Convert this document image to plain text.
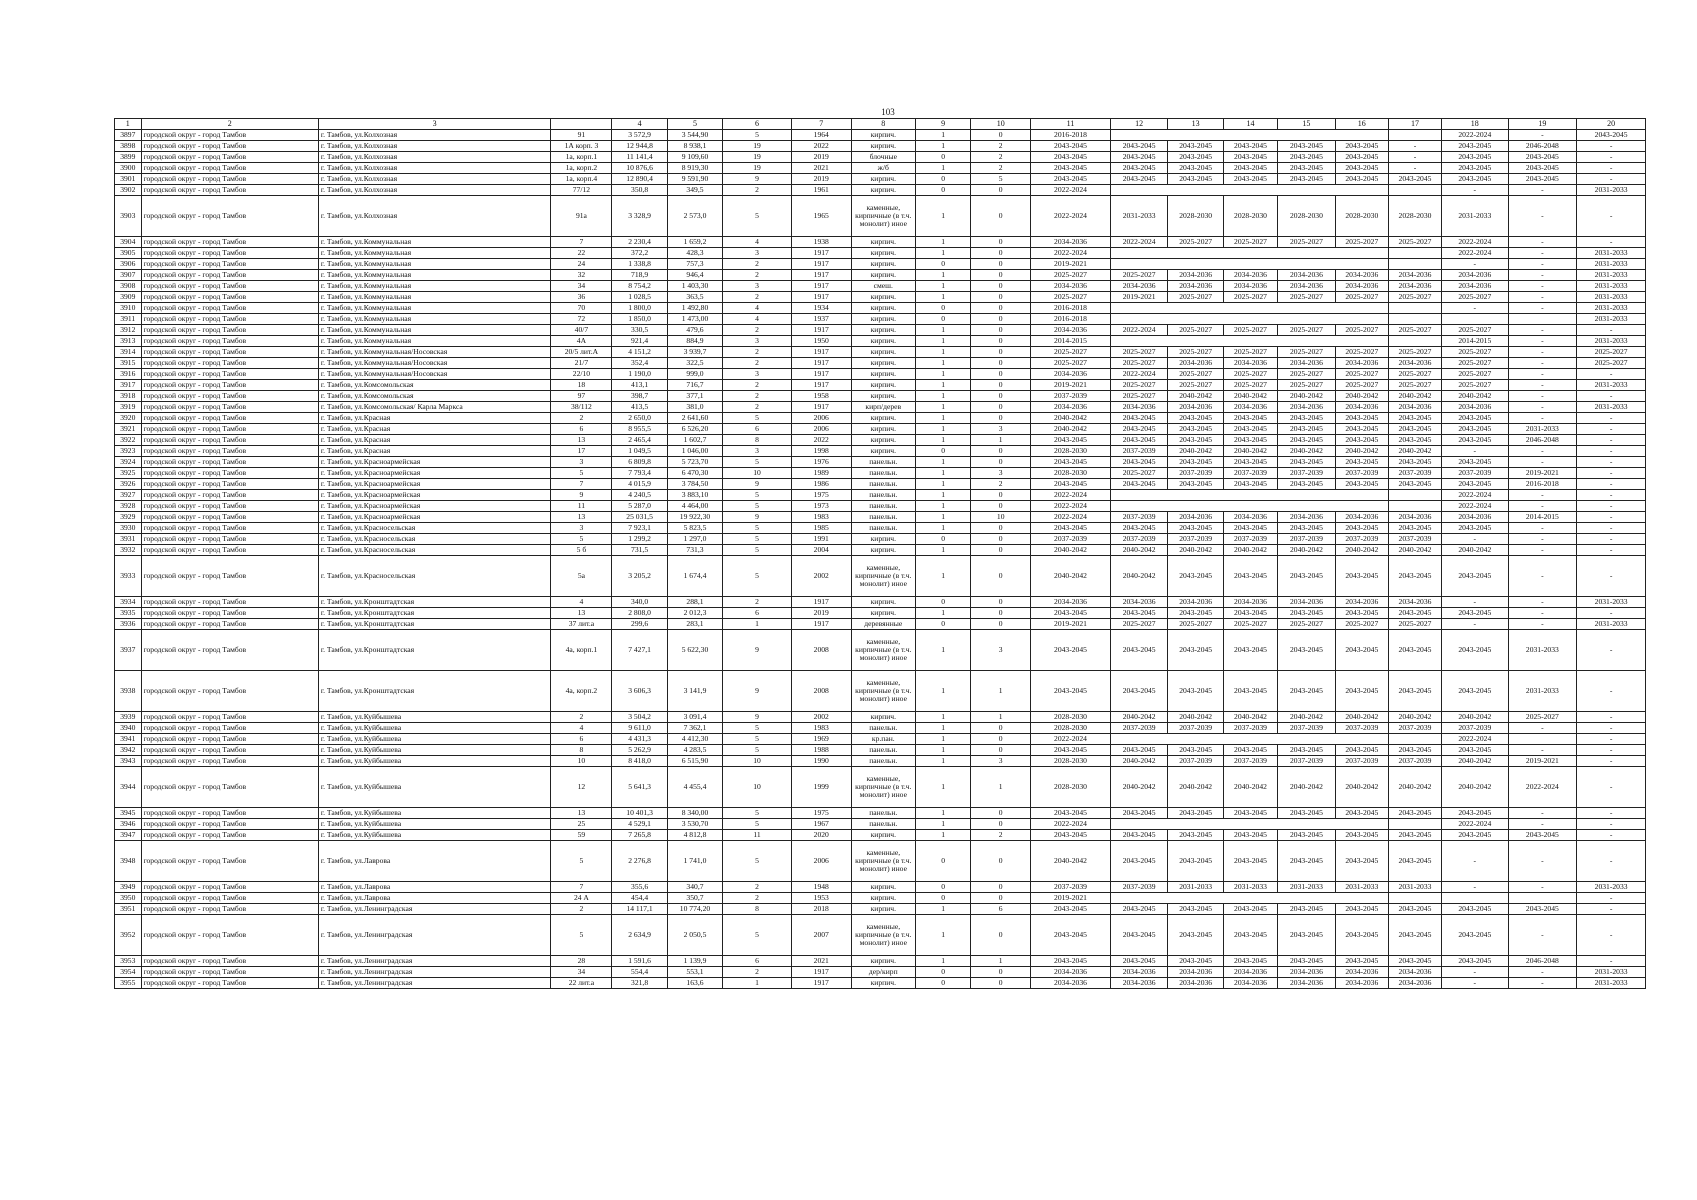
103
1	2	3		4	5	6	7	8	9	10	11	12	13	14	15	16	17	18	19	20
3897	городской округ - город Тамбов	г. Тамбов, ул.Колхозная	91	3 572,9	3 544,90	5	1964	кирпич.	1	0	2016-2018							2022-2024	-	2043-2045
3898	городской округ - город Тамбов	г. Тамбов, ул.Колхозная	1А корп. 3	12 944,8	8 938,1	19	2022	кирпич.	1	2	2043-2045	2043-2045	2043-2045	2043-2045	2043-2045	2043-2045	-	2043-2045	2046-2048	-
3899	городской округ - город Тамбов	г. Тамбов, ул.Колхозная	1а, корп.1	11 141,4	9 109,60	19	2019	блочные	0	2	2043-2045	2043-2045	2043-2045	2043-2045	2043-2045	2043-2045	-	2043-2045	2043-2045	-
3900	городской округ - город Тамбов	г. Тамбов, ул.Колхозная	1а, корп.2	10 876,6	8 919,30	19	2021	ж/б	1	2	2043-2045	2043-2045	2043-2045	2043-2045	2043-2045	2043-2045	-	2043-2045	2043-2045	-
3901	городской округ - город Тамбов	г. Тамбов, ул.Колхозная	1а, корп.4	12 890,4	9 591,90	9	2019	кирпич.	0	5	2043-2045	2043-2045	2043-2045	2043-2045	2043-2045	2043-2045	2043-2045	2043-2045	2043-2045	-
3902	городской округ - город Тамбов	г. Тамбов, ул.Колхозная	77/12	350,8	349,5	2	1961	кирпич.	0	0	2022-2024							-	-	2031-2033
3903	городской округ - город Тамбов	г. Тамбов, ул.Колхозная	91а	3 328,9	2 573,0	5	1965	каменные, кирпичные (в т.ч. монолит) иное	1	0	2022-2024	2031-2033	2028-2030	2028-2030	2028-2030	2028-2030	2028-2030	2031-2033	-	-
3904	городской округ - город Тамбов	г. Тамбов, ул.Коммунальная	7	2 230,4	1 659,2	4	1938	кирпич.	1	0	2034-2036	2022-2024	2025-2027	2025-2027	2025-2027	2025-2027	2025-2027	2022-2024	-	-
3905	городской округ - город Тамбов	г. Тамбов, ул.Коммунальная	22	372,2	428,3	3	1917	кирпич.	1	0	2022-2024							2022-2024	-	2031-2033
3906	городской округ - город Тамбов	г. Тамбов, ул.Коммунальная	24	1 338,8	757,3	2	1917	кирпич.	0	0	2019-2021							-	-	2031-2033
3907	городской округ - город Тамбов	г. Тамбов, ул.Коммунальная	32	718,9	946,4	2	1917	кирпич.	1	0	2025-2027	2025-2027	2034-2036	2034-2036	2034-2036	2034-2036	2034-2036	2034-2036	-	2031-2033
3908	городской округ - город Тамбов	г. Тамбов, ул.Коммунальная	34	8 754,2	1 403,30	3	1917	смеш.	1	0	2034-2036	2034-2036	2034-2036	2034-2036	2034-2036	2034-2036	2034-2036	2034-2036	-	2031-2033
3909	городской округ - город Тамбов	г. Тамбов, ул.Коммунальная	36	1 028,5	363,5	2	1917	кирпич.	1	0	2025-2027	2019-2021	2025-2027	2025-2027	2025-2027	2025-2027	2025-2027	2025-2027	-	2031-2033
3910	городской округ - город Тамбов	г. Тамбов, ул.Коммунальная	70	1 800,0	1 492,80	4	1934	кирпич.	0	0	2016-2018							-	-	2031-2033
3911	городской округ - город Тамбов	г. Тамбов, ул.Коммунальная	72	1 850,0	1 473,00	4	1937	кирпич.	0	0	2016-2018									2031-2033
3912	городской округ - город Тамбов	г. Тамбов, ул.Коммунальная	40/7	330,5	479,6	2	1917	кирпич.	1	0	2034-2036	2022-2024	2025-2027	2025-2027	2025-2027	2025-2027	2025-2027	2025-2027	-	-
3913	городской округ - город Тамбов	г. Тамбов, ул.Коммунальная	4А	921,4	884,9	3	1950	кирпич.	1	0	2014-2015							2014-2015	-	2031-2033
3914	городской округ - город Тамбов	г. Тамбов, ул.Коммунальная/Носовская	20/5 лит.А	4 151,2	3 939,7	2	1917	кирпич.	1	0	2025-2027	2025-2027	2025-2027	2025-2027	2025-2027	2025-2027	2025-2027	2025-2027	-	2025-2027
3915	городской округ - город Тамбов	г. Тамбов, ул.Коммунальная/Носовская	21/7	352,4	322,5	2	1917	кирпич.	1	0	2025-2027	2025-2027	2034-2036	2034-2036	2034-2036	2034-2036	2034-2036	2025-2027	-	2025-2027
3916	городской округ - город Тамбов	г. Тамбов, ул.Коммунальная/Носовская	22/10	1 190,0	999,0	3	1917	кирпич.	1	0	2034-2036	2022-2024	2025-2027	2025-2027	2025-2027	2025-2027	2025-2027	2025-2027	-	-
3917	городской округ - город Тамбов	г. Тамбов, ул.Комсомольская	18	413,1	716,7	2	1917	кирпич.	1	0	2019-2021	2025-2027	2025-2027	2025-2027	2025-2027	2025-2027	2025-2027	2025-2027	-	2031-2033
3918	городской округ - город Тамбов	г. Тамбов, ул.Комсомольская	97	398,7	377,1	2	1958	кирпич.	1	0	2037-2039	2025-2027	2040-2042	2040-2042	2040-2042	2040-2042	2040-2042	2040-2042	-	-
3919	городской округ - город Тамбов	г. Тамбов, ул.Комсомольская/ Карла Маркса	38/112	413,5	381,0	2	1917	кирп/дерев	1	0	2034-2036	2034-2036	2034-2036	2034-2036	2034-2036	2034-2036	2034-2036	2034-2036	-	2031-2033
3920	городской округ - город Тамбов	г. Тамбов, ул.Красная	2	2 650,0	2 641,60	5	2006	кирпич.	1	0	2040-2042	2043-2045	2043-2045	2043-2045	2043-2045	2043-2045	2043-2045	2043-2045	-	-
3921	городской округ - город Тамбов	г. Тамбов, ул.Красная	6	8 955,5	6 526,20	6	2006	кирпич.	1	3	2040-2042	2043-2045	2043-2045	2043-2045	2043-2045	2043-2045	2043-2045	2043-2045	2031-2033	-
3922	городской округ - город Тамбов	г. Тамбов, ул.Красная	13	2 465,4	1 602,7	8	2022	кирпич.	1	1	2043-2045	2043-2045	2043-2045	2043-2045	2043-2045	2043-2045	2043-2045	2043-2045	2046-2048	-
3923	городской округ - город Тамбов	г. Тамбов, ул.Красная	17	1 049,5	1 046,00	3	1998	кирпич.	0	0	2028-2030	2037-2039	2040-2042	2040-2042	2040-2042	2040-2042	2040-2042	-	-	-
3924	городской округ - город Тамбов	г. Тамбов, ул.Красноармейская	3	6 809,8	5 723,70	5	1976	панельн.	1	0	2043-2045	2043-2045	2043-2045	2043-2045	2043-2045	2043-2045	2043-2045	2043-2045	-	-
3925	городской округ - город Тамбов	г. Тамбов, ул.Красноармейская	5	7 793,4	6 470,30	10	1989	панельн.	1	3	2028-2030	2025-2027	2037-2039	2037-2039	2037-2039	2037-2039	2037-2039	2037-2039	2019-2021	-
3926	городской округ - город Тамбов	г. Тамбов, ул.Красноармейская	7	4 015,9	3 784,50	9	1986	панельн.	1	2	2043-2045	2043-2045	2043-2045	2043-2045	2043-2045	2043-2045	2043-2045	2043-2045	2016-2018	-
3927	городской округ - город Тамбов	г. Тамбов, ул.Красноармейская	9	4 240,5	3 883,10	5	1975	панельн.	1	0	2022-2024							2022-2024	-	-
3928	городской округ - город Тамбов	г. Тамбов, ул.Красноармейская	11	5 287,0	4 464,00	5	1973	панельн.	1	0	2022-2024							2022-2024	-	-
3929	городской округ - город Тамбов	г. Тамбов, ул.Красноармейская	13	25 031,5	19 922,30	9	1983	панельн.	1	10	2022-2024	2037-2039	2034-2036	2034-2036	2034-2036	2034-2036	2034-2036	2034-2036	2014-2015	-
3930	городской округ - город Тамбов	г. Тамбов, ул.Красносельская	3	7 923,1	5 823,5	5	1985	панельн.	1	0	2043-2045	2043-2045	2043-2045	2043-2045	2043-2045	2043-2045	2043-2045	2043-2045	-	-
3931	городской округ - город Тамбов	г. Тамбов, ул.Красносельская	5	1 299,2	1 297,0	5	1991	кирпич.	0	0	2037-2039	2037-2039	2037-2039	2037-2039	2037-2039	2037-2039	2037-2039	-	-	-
3932	городской округ - город Тамбов	г. Тамбов, ул.Красносельская	5 б	731,5	731,3	5	2004	кирпич.	1	0	2040-2042	2040-2042	2040-2042	2040-2042	2040-2042	2040-2042	2040-2042	2040-2042	-	-
3933	городской округ - город Тамбов	г. Тамбов, ул.Красносельская	5а	3 205,2	1 674,4	5	2002	каменные, кирпичные (в т.ч. монолит) иное	1	0	2040-2042	2040-2042	2043-2045	2043-2045	2043-2045	2043-2045	2043-2045	2043-2045	-	-
3934	городской округ - город Тамбов	г. Тамбов, ул.Кронштадтская	4	340,0	288,1	2	1917	кирпич.	0	0	2034-2036	2034-2036	2034-2036	2034-2036	2034-2036	2034-2036	2034-2036	-	-	2031-2033
3935	городской округ - город Тамбов	г. Тамбов, ул.Кронштадтская	13	2 808,0	2 012,3	6	2019	кирпич.	1	0	2043-2045	2043-2045	2043-2045	2043-2045	2043-2045	2043-2045	2043-2045	2043-2045	-	-
3936	городской округ - город Тамбов	г. Тамбов, ул.Кронштадтская	37 лит.а	299,6	283,1	1	1917	деревянные	0	0	2019-2021	2025-2027	2025-2027	2025-2027	2025-2027	2025-2027	2025-2027	-	-	2031-2033
3937	городской округ - город Тамбов	г. Тамбов, ул.Кронштадтская	4а, корп.1	7 427,1	5 622,30	9	2008	каменные, кирпичные (в т.ч. монолит) иное	1	3	2043-2045	2043-2045	2043-2045	2043-2045	2043-2045	2043-2045	2043-2045	2043-2045	2031-2033	-
3938	городской округ - город Тамбов	г. Тамбов, ул.Кронштадтская	4а, корп.2	3 606,3	3 141,9	9	2008	каменные, кирпичные (в т.ч. монолит) иное	1	1	2043-2045	2043-2045	2043-2045	2043-2045	2043-2045	2043-2045	2043-2045	2043-2045	2031-2033	-
3939	городской округ - город Тамбов	г. Тамбов, ул.Куйбышева	2	3 504,2	3 091,4	9	2002	кирпич.	1	1	2028-2030	2040-2042	2040-2042	2040-2042	2040-2042	2040-2042	2040-2042	2040-2042	2025-2027	-
3940	городской округ - город Тамбов	г. Тамбов, ул.Куйбышева	4	9 611,0	7 362,1	5	1983	панельн.	1	0	2028-2030	2037-2039	2037-2039	2037-2039	2037-2039	2037-2039	2037-2039	2037-2039	-	-
3941	городской округ - город Тамбов	г. Тамбов, ул.Куйбышева	6	4 431,3	4 412,30	5	1969	кр.пан.	1	0	2022-2024							2022-2024		-
3942	городской округ - город Тамбов	г. Тамбов, ул.Куйбышева	8	5 262,9	4 283,5	5	1988	панельн.	1	0	2043-2045	2043-2045	2043-2045	2043-2045	2043-2045	2043-2045	2043-2045	2043-2045	-	-
3943	городской округ - город Тамбов	г. Тамбов, ул.Куйбышева	10	8 418,0	6 515,90	10	1990	панельн.	1	3	2028-2030	2040-2042	2037-2039	2037-2039	2037-2039	2037-2039	2037-2039	2040-2042	2019-2021	-
3944	городской округ - город Тамбов	г. Тамбов, ул.Куйбышева	12	5 641,3	4 455,4	10	1999	каменные, кирпичные (в т.ч. монолит) иное	1	1	2028-2030	2040-2042	2040-2042	2040-2042	2040-2042	2040-2042	2040-2042	2040-2042	2022-2024	-
3945	городской округ - город Тамбов	г. Тамбов, ул.Куйбышева	13	10 401,3	8 340,00	5	1975	панельн.	1	0	2043-2045	2043-2045	2043-2045	2043-2045	2043-2045	2043-2045	2043-2045	2043-2045	-	-
3946	городской округ - город Тамбов	г. Тамбов, ул.Куйбышева	25	4 529,1	3 530,70	5	1967	панельн.	1	0	2022-2024							2022-2024	-	-
3947	городской округ - город Тамбов	г. Тамбов, ул.Куйбышева	59	7 265,8	4 812,8	11	2020	кирпич.	1	2	2043-2045	2043-2045	2043-2045	2043-2045	2043-2045	2043-2045	2043-2045	2043-2045	2043-2045	-
3948	городской округ - город Тамбов	г. Тамбов, ул.Лаврова	5	2 276,8	1 741,0	5	2006	каменные, кирпичные (в т.ч. монолит) иное	0	0	2040-2042	2043-2045	2043-2045	2043-2045	2043-2045	2043-2045	2043-2045	-	-	-
3949	городской округ - город Тамбов	г. Тамбов, ул.Лаврова	7	355,6	340,7	2	1948	кирпич.	0	0	2037-2039	2037-2039	2031-2033	2031-2033	2031-2033	2031-2033	2031-2033	-	-	2031-2033
3950	городской округ - город Тамбов	г. Тамбов, ул.Лаврова	24 А	454,4	350,7	2	1953	кирпич.	0	0	2019-2021									-
3951	городской округ - город Тамбов	г. Тамбов, ул.Ленинградская	2	14 117,1	10 774,20	8	2018	кирпич.	1	6	2043-2045	2043-2045	2043-2045	2043-2045	2043-2045	2043-2045	2043-2045	2043-2045	2043-2045	-
3952	городской округ - город Тамбов	г. Тамбов, ул.Ленинградская	5	2 634,9	2 050,5	5	2007	каменные, кирпичные (в т.ч. монолит) иное	1	0	2043-2045	2043-2045	2043-2045	2043-2045	2043-2045	2043-2045	2043-2045	2043-2045	-	-
3953	городской округ - город Тамбов	г. Тамбов, ул.Ленинградская	28	1 591,6	1 139,9	6	2021	кирпич.	1	1	2043-2045	2043-2045	2043-2045	2043-2045	2043-2045	2043-2045	2043-2045	2043-2045	2046-2048	-
3954	городской округ - город Тамбов	г. Тамбов, ул.Ленинградская	34	554,4	553,1	2	1917	дер/кирп	0	0	2034-2036	2034-2036	2034-2036	2034-2036	2034-2036	2034-2036	2034-2036	-	-	2031-2033
3955	городской округ - город Тамбов	г. Тамбов, ул.Ленинградская	22 лит.а	321,8	163,6	1	1917	кирпич.	0	0	2034-2036	2034-2036	2034-2036	2034-2036	2034-2036	2034-2036	2034-2036	-	-	2031-2033
